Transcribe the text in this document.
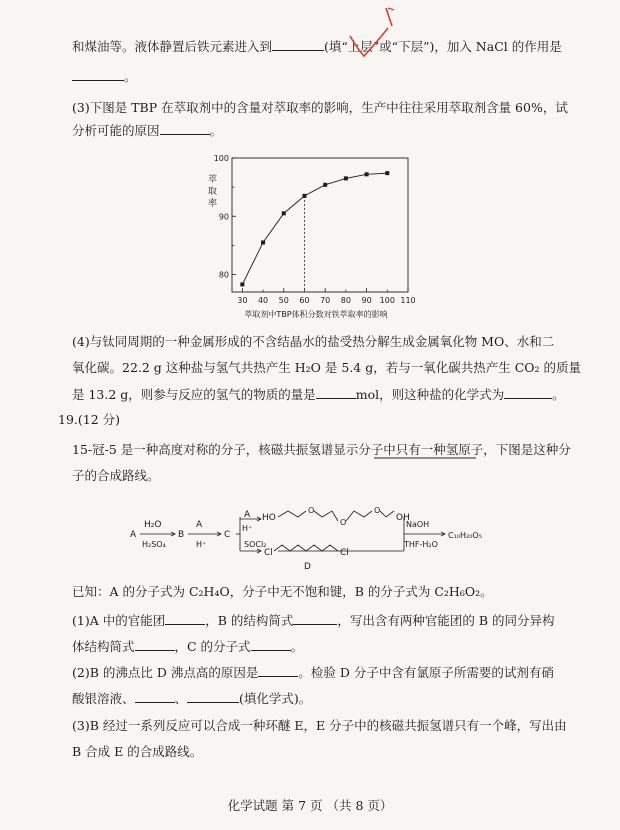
和煤油等。液体静置后铁元素进入到	(填“上层”或“下层”)，加入 NaCl 的作用是
。
(3)下图是 TBP 在萃取剂中的含量对萃取率的影响，生产中往往采用萃取剂含量 60%，试
分析可能的原因	。
30	50	70	90	110
40	60	80	100
80
90
100
萃取率
萃取剂中TBP体积分数对铁萃取率的影响
(4)与钛同周期的一种金属形成的不含结晶水的盐受热分解生成金属氧化物 MO、水和二
氧化碳。22.2 g 这种盐与氢气共热产生 H₂O 是 5.4 g，若与一氧化碳共热产生 CO₂ 的质量
是 13.2 g，则参与反应的氢气的物质的量是	mol，则这种盐的化学式为	。
19.(12 分)
15-冠-5 是一种高度对称的分子，核磁共振氢谱显示分子中只有一种氢原子，下图是这种分
子的合成路线。
A
H₂O
H₂SO₄
B
A
H⁺
C
A
H⁺
HO
O
O
O
OH
NaOH
THF-H₂O
C₁₀H₂₀O₅
SOCl₂
Cl	Cl
D
已知：A 的分子式为 C₂H₄O，分子中无不饱和键，B 的分子式为 C₂H₆O₂。
(1)A 中的官能团	，B 的结构简式	，写出含有两种官能团的 B 的同分异构
体结构简式	，C 的分子式	。
(2)B 的沸点比 D 沸点高的原因是	。检验 D 分子中含有氯原子所需要的试剂有硝
酸银溶液、	、	(填化学式)。
(3)B 经过一系列反应可以合成一种环醚 E，E 分子中的核磁共振氢谱只有一个峰，写出由
B 合成 E 的合成路线。
化学试题 第 7 页 （共 8 页）
